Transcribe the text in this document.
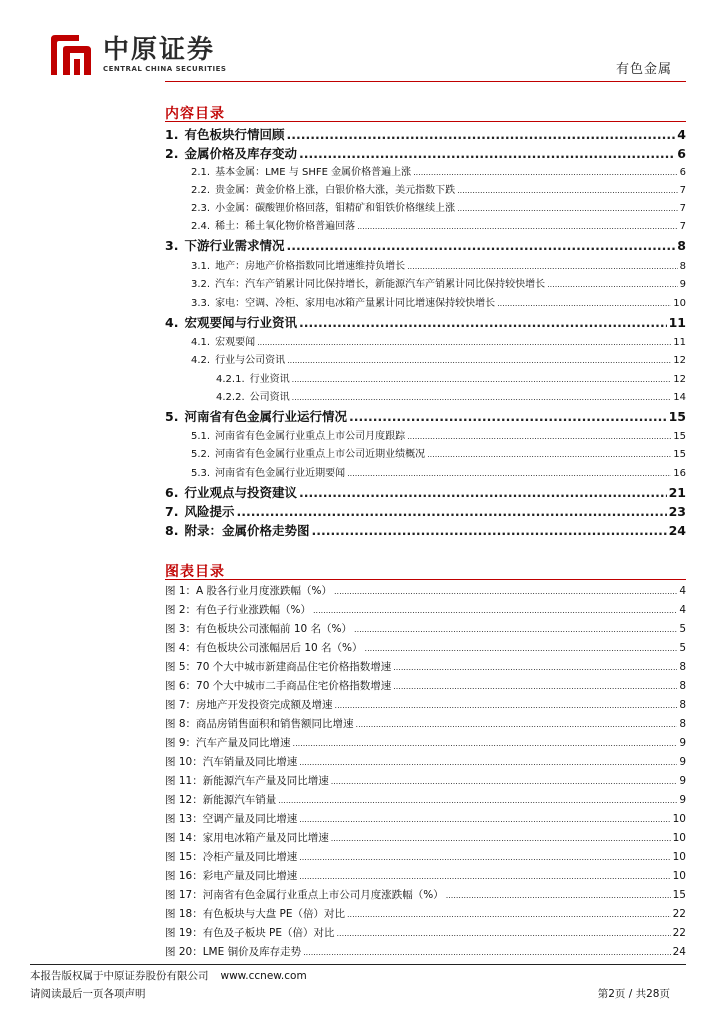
中原证券
CENTRAL CHINA SECURITIES	有色金属
内容目录
图表目录
1. 有色板块行情回顾 .....	4
2. 金属价格及库存变动 .....	6
2.1. 基本金属：LME 与 SHFE 金属价格普遍上涨 .....	6
2.2. 贵金属：黄金价格上涨，白银价格大涨，美元指数下跌 .....	7
2.3. 小金属：碳酸锂价格回落，钼精矿和钼铁价格继续上涨 .....	7
2.4. 稀土：稀土氧化物价格普遍回落 .....	7
3. 下游行业需求情况 .....	8
3.1. 地产：房地产价格指数同比增速维持负增长 .....	8
3.2. 汽车：汽车产销累计同比保持增长，新能源汽车产销累计同比保持较快增长 .....	9
3.3. 家电：空调、冷柜、家用电冰箱产量累计同比增速保持较快增长 .....	10
4. 宏观要闻与行业资讯 .....	11
4.1. 宏观要闻 .....	11
4.2. 行业与公司资讯 .....	12
4.2.1. 行业资讯 .....	12
4.2.2. 公司资讯 .....	14
5. 河南省有色金属行业运行情况 .....	15
5.1. 河南省有色金属行业重点上市公司月度跟踪 .....	15
5.2. 河南省有色金属行业重点上市公司近期业绩概况 .....	15
5.3. 河南省有色金属行业近期要闻 .....	16
6. 行业观点与投资建议 .....	21
7. 风险提示 .....	23
8. 附录：金属价格走势图 .....	24
图 1：A 股各行业月度涨跌幅（%） .....	4
图 2：有色子行业涨跌幅（%） .....	4
图 3：有色板块公司涨幅前 10 名（%） .....	5
图 4：有色板块公司涨幅居后 10 名（%） .....	5
图 5：70 个大中城市新建商品住宅价格指数增速 .....	8
图 6：70 个大中城市二手商品住宅价格指数增速 .....	8
图 7：房地产开发投资完成额及增速 .....	8
图 8：商品房销售面积和销售额同比增速 .....	8
图 9：汽车产量及同比增速 .....	9
图 10：汽车销量及同比增速 .....	9
图 11：新能源汽车产量及同比增速 .....	9
图 12：新能源汽车销量 .....	9
图 13：空调产量及同比增速 .....	10
图 14：家用电冰箱产量及同比增速 .....	10
图 15：冷柜产量及同比增速 .....	10
图 16：彩电产量及同比增速 .....	10
图 17：河南省有色金属行业重点上市公司月度涨跌幅（%） .....	15
图 18：有色板块与大盘 PE（倍）对比 .....	22
图 19：有色及子板块 PE（倍）对比 .....	22
图 20：LME 铜价及库存走势 .....	24
本报告版权属于中原证券股份有限公司 www.ccnew.com
请阅读最后一页各项声明	第2页 / 共28页
